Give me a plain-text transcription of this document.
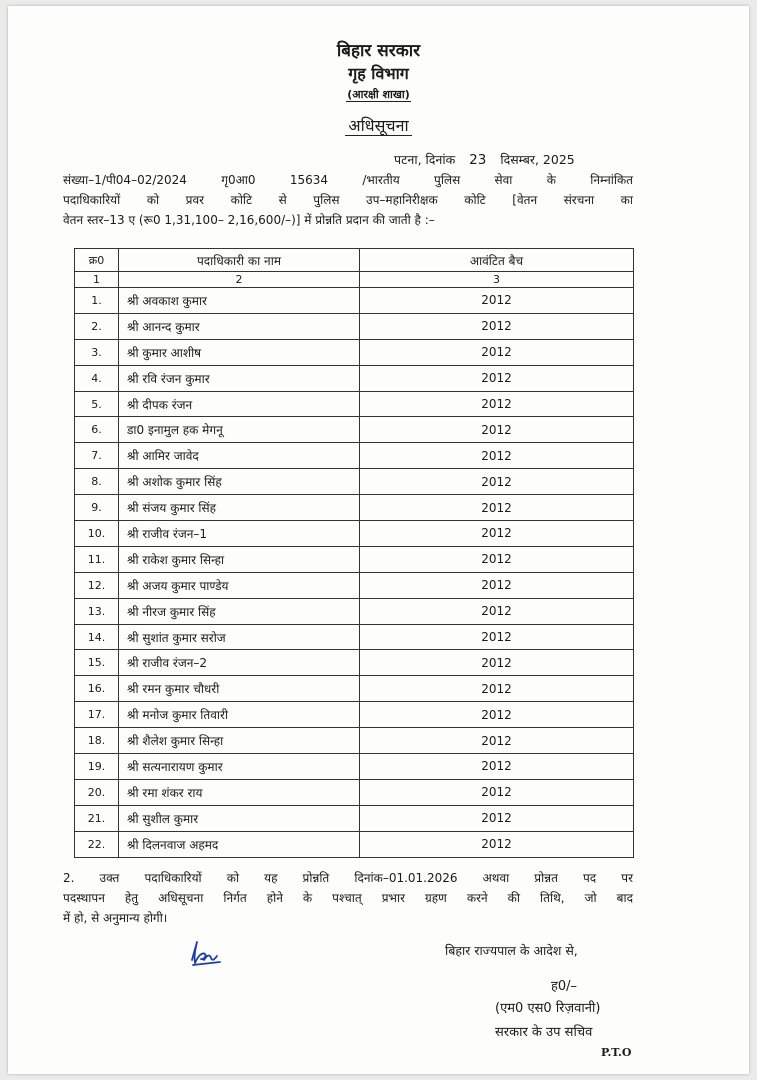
बिहार सरकार
गृह विभाग
(आरक्षी शाखा)
अधिसूचना
पटना, दिनांक 23 दिसम्बर, 2025
संख्या–1/पी04–02/2024 गृ0आ0 15634 /भारतीय पुलिस सेवा के निम्नांकित
पदाधिकारियों को प्रवर कोटि से पुलिस उप–महानिरीक्षक कोटि [वेतन संरचना का
वेतन स्तर–13 ए (रू0 1,31,100– 2,16,600/–)] में प्रोन्नति प्रदान की जाती है :–
क्र0	पदाधिकारी का नाम	आवंटित बैच
1	2	3
1.	श्री अवकाश कुमार	2012
2.	श्री आनन्द कुमार	2012
3.	श्री कुमार आशीष	2012
4.	श्री रवि रंजन कुमार	2012
5.	श्री दीपक रंजन	2012
6.	डा0 इनामुल हक मेगनू	2012
7.	श्री आमिर जावेद	2012
8.	श्री अशोक कुमार सिंह	2012
9.	श्री संजय कुमार सिंह	2012
10.	श्री राजीव रंजन–1	2012
11.	श्री राकेश कुमार सिन्हा	2012
12.	श्री अजय कुमार पाण्डेय	2012
13.	श्री नीरज कुमार सिंह	2012
14.	श्री सुशांत कुमार सरोज	2012
15.	श्री राजीव रंजन–2	2012
16.	श्री रमन कुमार चौधरी	2012
17.	श्री मनोज कुमार तिवारी	2012
18.	श्री शैलेश कुमार सिन्हा	2012
19.	श्री सत्यनारायण कुमार	2012
20.	श्री रमा शंकर राय	2012
21.	श्री सुशील कुमार	2012
22.	श्री दिलनवाज अहमद	2012
2. उक्त पदाधिकारियों को यह प्रोन्नति दिनांक–01.01.2026 अथवा प्रोन्नत पद पर
पदस्थापन हेतु अधिसूचना निर्गत होने के पश्चात् प्रभार ग्रहण करने की तिथि, जो बाद
में हो, से अनुमान्य होगी।
बिहार राज्यपाल के आदेश से,
ह0/–
(एम0 एस0 रिज़वानी)
सरकार के उप सचिव
P.T.O
